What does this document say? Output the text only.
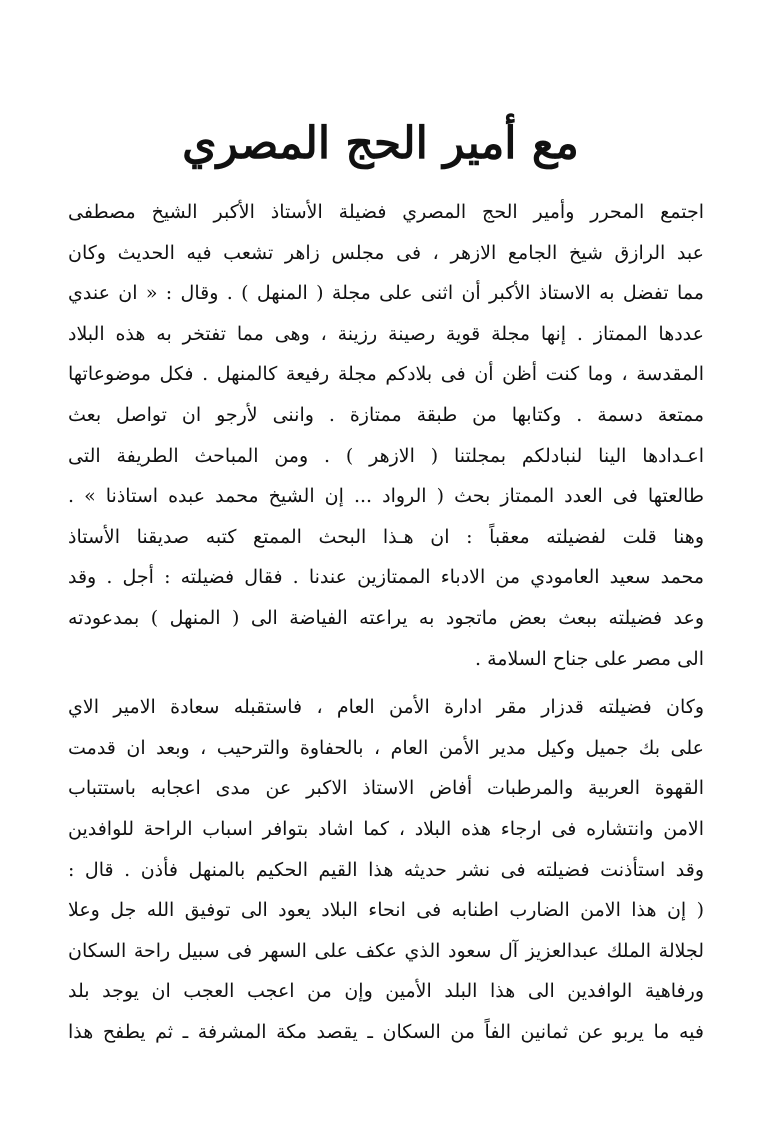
مع أمير الحج المصري
اجتمع المحرر وأمير الحج المصري فضيلة الأستاذ الأكبر الشيخ مصطفى
عبد الرازق شيخ الجامع الازهر ، فى مجلس زاهر تشعب فيه الحديث وكان
مما تفضل به الاستاذ الأكبر أن اثنى على مجلة ( المنهل ) . وقال : « ان عندي
عددها الممتاز . إنها مجلة قوية رصينة رزينة ، وهى مما تفتخر به هذه البلاد
المقدسة ، وما كنت أظن أن فى بلادكم مجلة رفيعة كالمنهل . فكل موضوعاتها
ممتعة دسمة . وكتابها من طبقة ممتازة . واننى لأرجو ان تواصل بعث
اعـدادها الينا لنبادلكم بمجلتنا ( الازهر ) . ومن المباحث الطريفة التى
طالعتها فى العدد الممتاز بحث ( الرواد ... إن الشيخ محمد عبده استاذنا » .
وهنا قلت لفضيلته معقباً : ان هـذا البحث الممتع كتبه صديقنا الأستاذ
محمد سعيد العامودي من الادباء الممتازين عندنا . فقال فضيلته : أجل . وقد
وعد فضيلته ببعث بعض ماتجود به يراعته الفياضة الى ( المنهل ) بمدعودته
الى مصر على جناح السلامة .
وكان فضيلته قدزار مقر ادارة الأمن العام ، فاستقبله سعادة الامير الاي
على بك جميل وكيل مدير الأمن العام ، بالحفاوة والترحيب ، وبعد ان قدمت
القهوة العربية والمرطبات أفاض الاستاذ الاكبر عن مدى اعجابه باستتباب
الامن وانتشاره فى ارجاء هذه البلاد ، كما اشاد بتوافر اسباب الراحة للوافدين
وقد استأذنت فضيلته فى نشر حديثه هذا القيم الحكيم بالمنهل فأذن . قال :
( إن هذا الامن الضارب اطنابه فى انحاء البلاد يعود الى توفيق الله جل وعلا
لجلالة الملك عبدالعزيز آل سعود الذي عكف على السهر فى سبيل راحة السكان
ورفاهية الوافدين الى هذا البلد الأمين وإن من اعجب العجب ان يوجد بلد
فيه ما يربو عن ثمانين الفاً من السكان ـ يقصد مكة المشرفة ـ ثم يطفح هذا
